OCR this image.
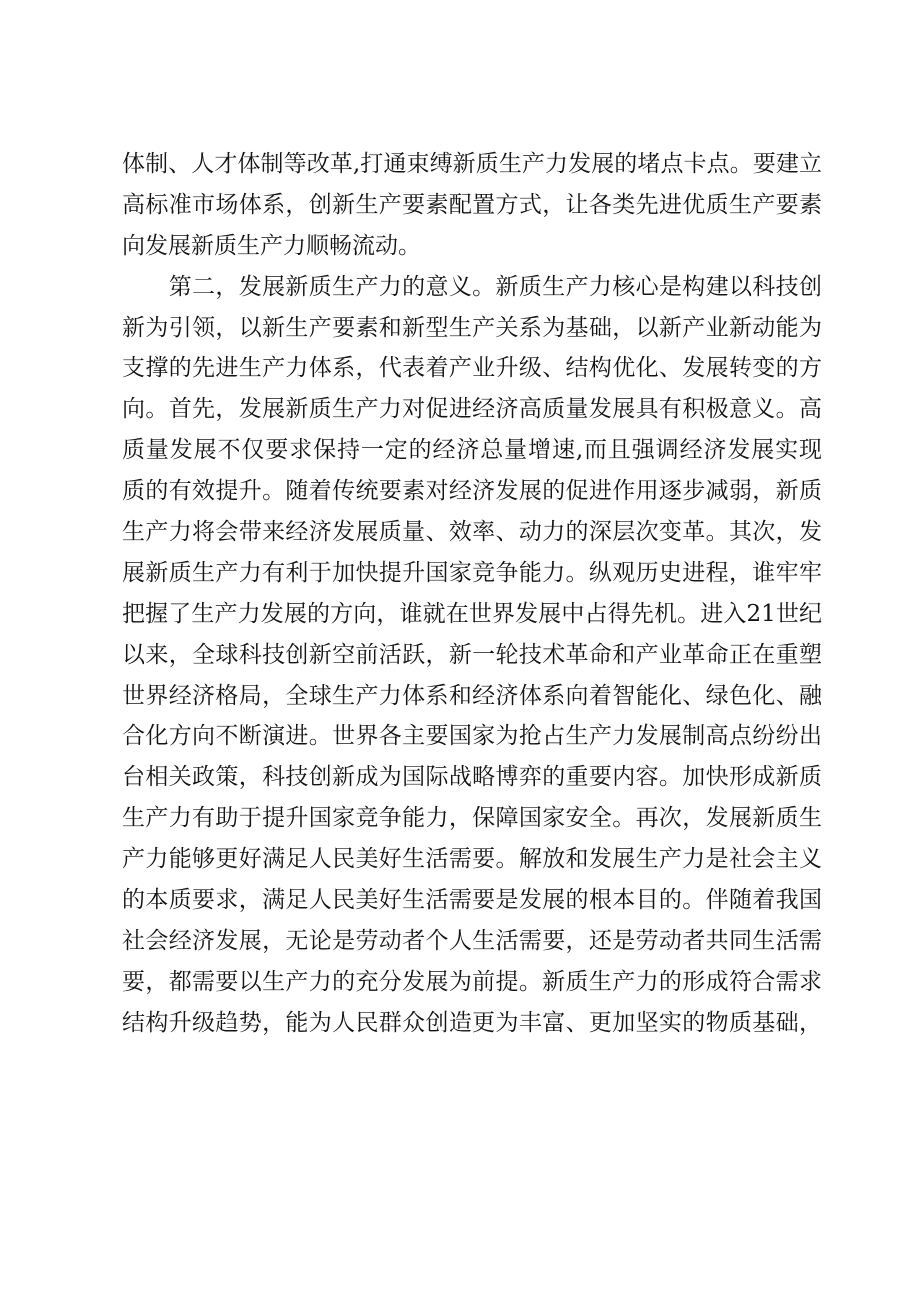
体制、人才体制等改革,打通束缚新质生产力发展的堵点卡点。要建立
高标准市场体系，创新生产要素配置方式，让各类先进优质生产要素
向发展新质生产力顺畅流动。
　　第二，发展新质生产力的意义。新质生产力核心是构建以科技创
新为引领，以新生产要素和新型生产关系为基础，以新产业新动能为
支撑的先进生产力体系，代表着产业升级、结构优化、发展转变的方
向。首先，发展新质生产力对促进经济高质量发展具有积极意义。高
质量发展不仅要求保持一定的经济总量增速,而且强调经济发展实现
质的有效提升。随着传统要素对经济发展的促进作用逐步减弱，新质
生产力将会带来经济发展质量、效率、动力的深层次变革。其次，发
展新质生产力有利于加快提升国家竞争能力。纵观历史进程，谁牢牢
把握了生产力发展的方向，谁就在世界发展中占得先机。进入21世纪
以来，全球科技创新空前活跃，新一轮技术革命和产业革命正在重塑
世界经济格局，全球生产力体系和经济体系向着智能化、绿色化、融
合化方向不断演进。世界各主要国家为抢占生产力发展制高点纷纷出
台相关政策，科技创新成为国际战略博弈的重要内容。加快形成新质
生产力有助于提升国家竞争能力，保障国家安全。再次，发展新质生
产力能够更好满足人民美好生活需要。解放和发展生产力是社会主义
的本质要求，满足人民美好生活需要是发展的根本目的。伴随着我国
社会经济发展，无论是劳动者个人生活需要，还是劳动者共同生活需
要，都需要以生产力的充分发展为前提。新质生产力的形成符合需求
结构升级趋势，能为人民群众创造更为丰富、更加坚实的物质基础，
